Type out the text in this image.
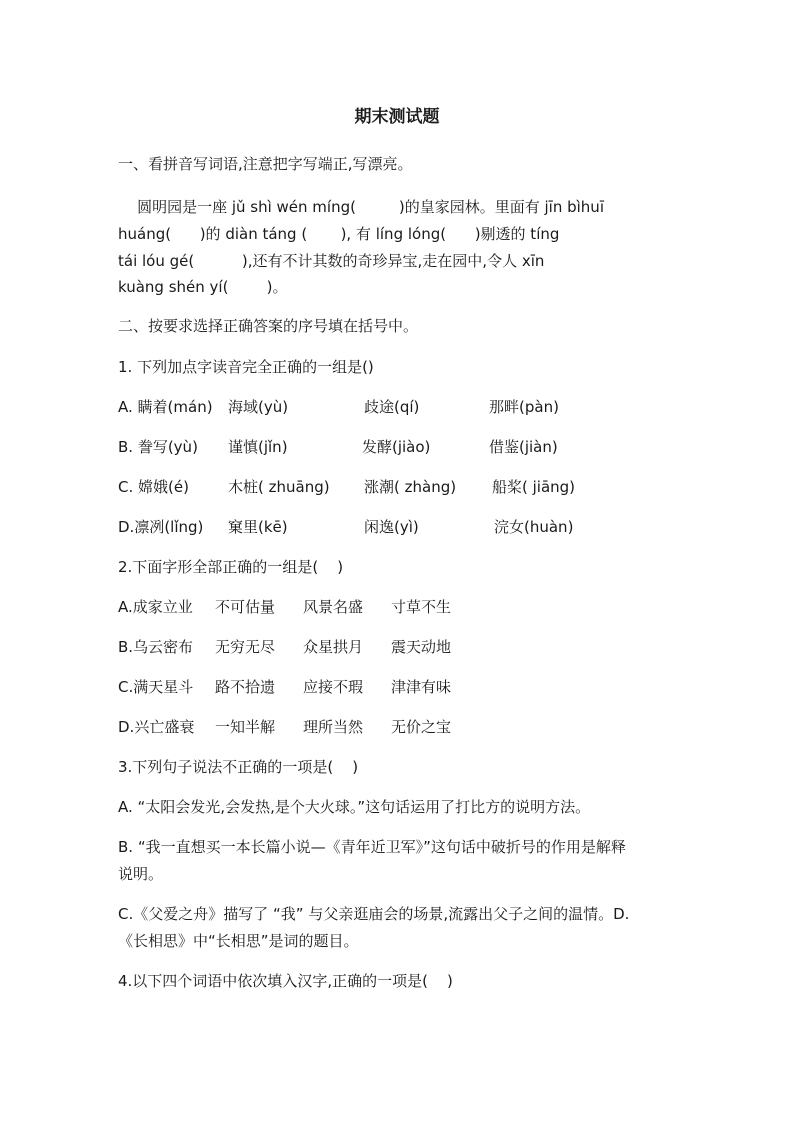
期末测试题
一、看拼音写词语,注意把字写端正,写漂亮。
圆明园是一座 jǔ shì wén míng(         )的皇家园林。里面有 jīn bìhuī
huáng(      )的 diàn táng (       ), 有 líng lóng(      )剔透的 tíng
tái lóu gé(          ),还有不计其数的奇珍异宝,走在园中,令人 xīn
kuàng shén yí(        )。
二、按要求选择正确答案的序号填在括号中。
1. 下列加点字读音完全正确的一组是()
A. 瞒着(mán) 海域(yù)	歧途(qí)	那畔(pàn)
B. 誊写(yù) 谨慎(jǐn)	发酵(jiào)	借鉴(jiàn)
C. 嫦娥(é)	木桩( zhuāng) 涨潮( zhàng) 船桨( jiāng)
D.凛冽(lǐng) 窠里(kē)	闲逸(yì)	浣女(huàn)
2.下面字形全部正确的一组是(    )
A.成家立业 不可估量 风景名盛 寸草不生
B.乌云密布 无穷无尽 众星拱月 震天动地
C.满天星斗 路不拾遗 应接不瑕 津津有味
D.兴亡盛衰 一知半解 理所当然 无价之宝
3.下列句子说法不正确的一项是(    )
A. “太阳会发光,会发热,是个大火球。”这句话运用了打比方的说明方法。
B. “我一直想买一本长篇小说—《青年近卫军》”这句话中破折号的作用是解释
说明。
C.《父爱之舟》描写了 “我” 与父亲逛庙会的场景,流露出父子之间的温情。D.
《长相思》中“长相思”是词的题目。
4.以下四个词语中依次填入汉字,正确的一项是(    )
